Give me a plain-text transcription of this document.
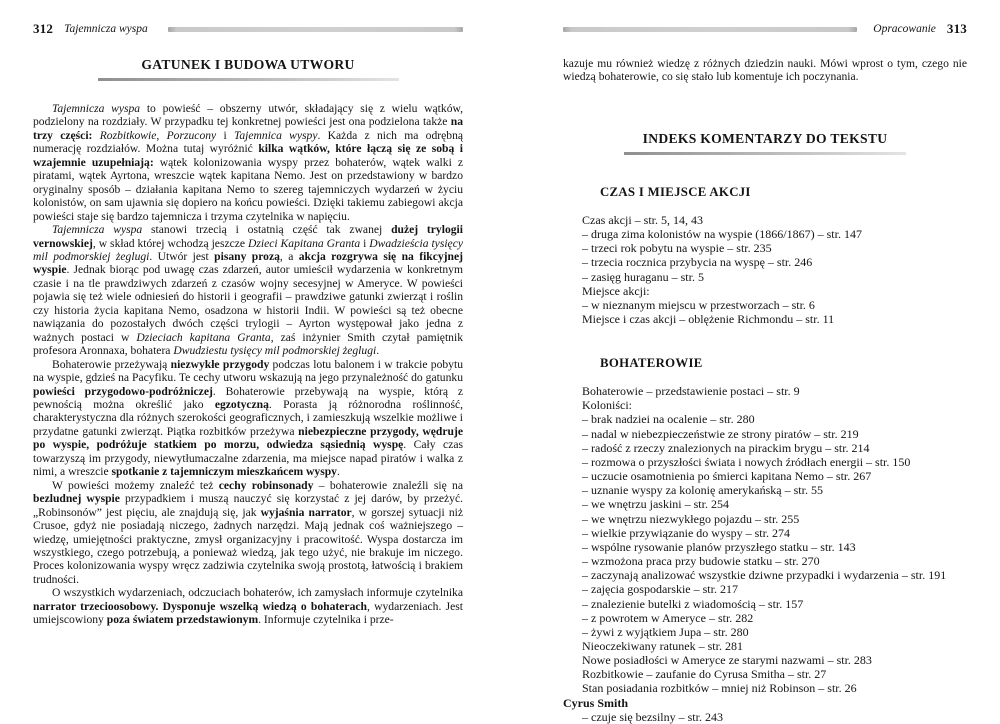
312 Tajemnicza wyspa
GATUNEK I BUDOWA UTWORU

Tajemnicza wyspa to powieść – obszerny utwór, składający się z wielu wątków, podzielony na rozdziały. W przypadku tej konkretnej powieści jest ona podzielona także na trzy części: Rozbitkowie, Porzucony i Tajemnica wyspy. Każda z nich ma odrębną numerację rozdziałów. Można tutaj wyróżnić kilka wątków, które łączą się ze sobą i wzajemnie uzupełniają: wątek kolonizowania wyspy przez bohaterów, wątek walki z piratami, wątek Ayrtona, wreszcie wątek kapitana Nemo. Jest on przedstawiony w bardzo oryginalny sposób – działania kapitana Nemo to szereg tajemniczych wydarzeń w życiu kolonistów, on sam ujawnia się dopiero na końcu powieści. Dzięki takiemu zabiegowi akcja powieści staje się bardzo tajemnicza i trzyma czytelnika w napięciu.

Tajemnicza wyspa stanowi trzecią i ostatnią część tak zwanej dużej trylogii vernowskiej, w skład której wchodzą jeszcze Dzieci Kapitana Granta i Dwadzieścia tysięcy mil podmorskiej żeglugi. Utwór jest pisany prozą, a akcja rozgrywa się na fikcyjnej wyspie. Jednak biorąc pod uwagę czas zdarzeń, autor umieścił wydarzenia w konkretnym czasie i na tle prawdziwych zdarzeń z czasów wojny secesyjnej w Ameryce. W powieści pojawia się też wiele odniesień do historii i geografii – prawdziwe gatunki zwierząt i roślin czy historia życia kapitana Nemo, osadzona w historii Indii. W powieści są też obecne nawiązania do pozostałych dwóch części trylogii – Ayrton występował jako jedna z ważnych postaci w Dzieciach kapitana Granta, zaś inżynier Smith czytał pamiętnik profesora Aronnaxa, bohatera Dwudziestu tysięcy mil podmorskiej żeglugi.

Bohaterowie przeżywają niezwykłe przygody podczas lotu balonem i w trakcie pobytu na wyspie, gdzieś na Pacyfiku. Te cechy utworu wskazują na jego przynależność do gatunku powieści przygodowo-podróżniczej. Bohaterowie przebywają na wyspie, którą z pewnością można określić jako egzotyczną. Porasta ją różnorodna roślinność, charakterystyczna dla różnych szerokości geograficznych, i zamieszkują wszelkie możliwe i przydatne gatunki zwierząt. Piątka rozbitków przeżywa niebezpieczne przygody, wędruje po wyspie, podróżuje statkiem po morzu, odwiedza sąsiednią wyspę. Cały czas towarzyszą im przygody, niewytłumaczalne zdarzenia, ma miejsce napad piratów i walka z nimi, a wreszcie spotkanie z tajemniczym mieszkańcem wyspy.

W powieści możemy znaleźć też cechy robinsonady – bohaterowie znaleźli się na bezludnej wyspie przypadkiem i muszą nauczyć się korzystać z jej darów, by przeżyć. „Robinsonów” jest pięciu, ale znajdują się, jak wyjaśnia narrator, w gorszej sytuacji niż Crusoe, gdyż nie posiadają niczego, żadnych narzędzi. Mają jednak coś ważniejszego – wiedzę, umiejętności praktyczne, zmysł organizacyjny i pracowitość. Wyspa dostarcza im wszystkiego, czego potrzebują, a ponieważ wiedzą, jak tego użyć, nie brakuje im niczego. Proces kolonizowania wyspy wręcz zadziwia czytelnika swoją prostotą, łatwością i brakiem trudności.

O wszystkich wydarzeniach, odczuciach bohaterów, ich zamysłach informuje czytelnika narrator trzecioosobowy. Dysponuje wszelką wiedzą o bohaterach, wydarzeniach. Jest umiejscowiony poza światem przedstawionym. Informuje czytelnika i prze-

Opracowanie 313

kazuje mu również wiedzę z różnych dziedzin nauki. Mówi wprost o tym, czego nie wiedzą bohaterowie, co się stało lub komentuje ich poczynania.

INDEKS KOMENTARZY DO TEKSTU
CZAS I MIEJSCE AKCJI
Czas akcji – str. 5, 14, 43
– druga zima kolonistów na wyspie (1866/1867) – str. 147
– trzeci rok pobytu na wyspie – str. 235
– trzecia rocznica przybycia na wyspę – str. 246
– zasięg huraganu – str. 5
Miejsce akcji:
– w nieznanym miejscu w przestworzach – str. 6
Miejsce i czas akcji – oblężenie Richmondu – str. 11
BOHATEROWIE
Bohaterowie – przedstawienie postaci – str. 9
Koloniści:
– brak nadziei na ocalenie – str. 280
– nadal w niebezpieczeństwie ze strony piratów – str. 219
– radość z rzeczy znalezionych na pirackim brygu – str. 214
– rozmowa o przyszłości świata i nowych źródłach energii – str. 150
– uczucie osamotnienia po śmierci kapitana Nemo – str. 267
– uznanie wyspy za kolonię amerykańską – str. 55
– we wnętrzu jaskini – str. 254
– we wnętrzu niezwykłego pojazdu – str. 255
– wielkie przywiązanie do wyspy – str. 274
– wspólne rysowanie planów przyszłego statku – str. 143
– wzmożona praca przy budowie statku – str. 270
– zaczynają analizować wszystkie dziwne przypadki i wydarzenia – str. 191
– zajęcia gospodarskie – str. 217
– znalezienie butelki z wiadomością – str. 157
– z powrotem w Ameryce – str. 282
– żywi z wyjątkiem Jupa – str. 280
Nieoczekiwany ratunek – str. 281
Nowe posiadłości w Ameryce ze starymi nazwami – str. 283
Rozbitkowie – zaufanie do Cyrusa Smitha – str. 27
Stan posiadania rozbitków – mniej niż Robinson – str. 26
Cyrus Smith
– czuje się bezsilny – str. 243
